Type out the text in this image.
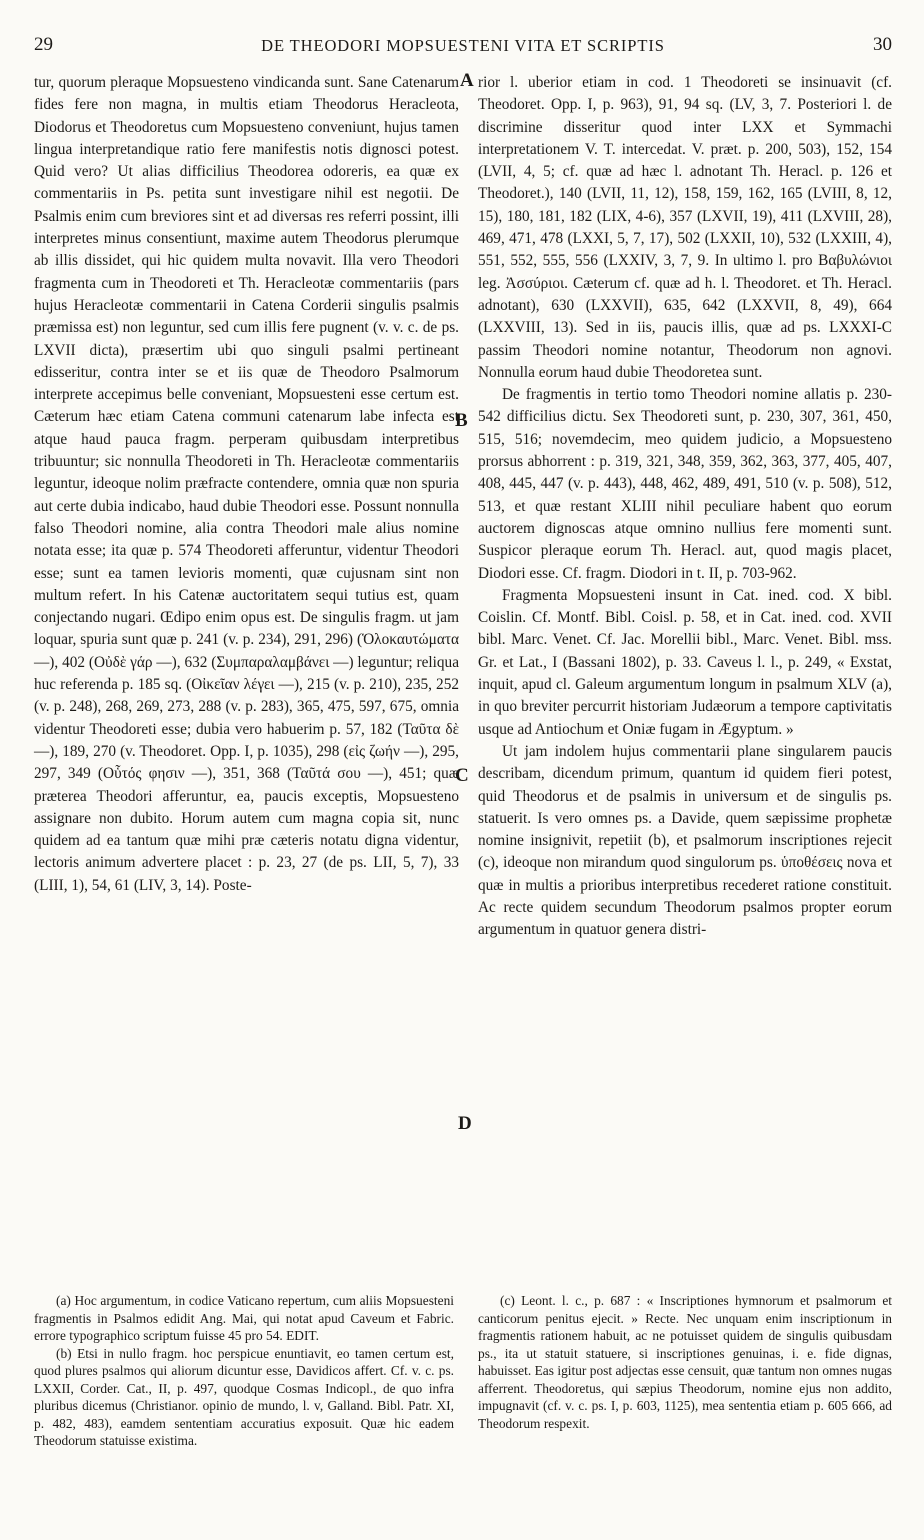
29	DE THEODORI MOPSUESTENI VITA ET SCRIPTIS	30

tur, quorum pleraque Mopsuesteno vindicanda sunt. Sane Catenarum fides fere non magna, in multis etiam Theodorus Heracleota, Diodorus et Theodoretus cum Mopsuesteno conveniunt, hujus tamen lingua interpretandique ratio fere manifestis notis dignosci potest. Quid vero? Ut alias difficilius Theodorea odoreris, ea quæ ex commentariis in Ps. petita sunt investigare nihil est negotii. De Psalmis enim cum breviores sint et ad diversas res referri possint, illi interpretes minus consentiunt, maxime autem Theodorus plerumque ab illis dissidet, qui hic quidem multa novavit. Illa vero Theodori fragmenta cum in Theodoreti et Th. Heracleotæ commentariis (pars hujus Heracleotæ commentarii in Catena Corderii singulis psalmis præmissa est) non leguntur, sed cum illis fere pugnent (v. v. c. de ps. LXVII dicta), præsertim ubi quo singuli psalmi pertineant edisseritur, contra inter se et iis quæ de Theodoro Psalmorum interprete accepimus belle conveniant, Mopsuesteni esse certum est. Cæterum hæc etiam Catena communi catenarum labe infecta est atque haud pauca fragm. perperam quibusdam interpretibus tribuuntur; sic nonnulla Theodoreti in Th. Heracleotæ commentariis leguntur, ideoque nolim præfracte contendere, omnia quæ non spuria aut certe dubia indicabo, haud dubie Theodori esse. Possunt nonnulla falso Theodori nomine, alia contra Theodori male alius nomine notata esse; ita quæ p. 574 Theodoreti afferuntur, videntur Theodori esse; sunt ea tamen levioris momenti, quæ cujusnam sint non multum refert. In his Catenæ auctoritatem sequi tutius est, quam conjectando nugari. Œdipo enim opus est. De singulis fragm. ut jam loquar, spuria sunt quæ p. 241 (v. p. 234), 291, 296) (Ὁλοκαυτώματα —), 402 (Οὐδὲ γάρ —), 632 (Συμπαραλαμβάνει —) leguntur; reliqua huc referenda p. 185 sq. (Οἰκεῖαν λέγει —), 215 (v. p. 210), 235, 252 (v. p. 248), 268, 269, 273, 288 (v. p. 283), 365, 475, 597, 675, omnia videntur Theodoreti esse; dubia vero habuerim p. 57, 182 (Ταῦτα δὲ —), 189, 270 (v. Theodoret. Opp. I, p. 1035), 298 (εἰς ζωήν —), 295, 297, 349 (Οὗτός φησιν —), 351, 368 (Ταῦτά σου —), 451; quæ præterea Theodori afferuntur, ea, paucis exceptis, Mopsuesteno assignare non dubito. Horum autem cum magna copia sit, nunc quidem ad ea tantum quæ mihi præ cæteris notatu digna videntur, lectoris animum advertere placet : p. 23, 27 (de ps. LII, 5, 7), 33 (LIII, 1), 54, 61 (LIV, 3, 14). Poste-

rior l. uberior etiam in cod. 1 Theodoreti se insinuavit (cf. Theodoret. Opp. I, p. 963), 91, 94 sq. (LV, 3, 7. Posteriori l. de discrimine disseritur quod inter LXX et Symmachi interpretationem V. T. intercedat. V. præt. p. 200, 503), 152, 154 (LVII, 4, 5; cf. quæ ad hæc l. adnotant Th. Heracl. p. 126 et Theodoret.), 140 (LVII, 11, 12), 158, 159, 162, 165 (LVIII, 8, 12, 15), 180, 181, 182 (LIX, 4-6), 357 (LXVII, 19), 411 (LXVIII, 28), 469, 471, 478 (LXXI, 5, 7, 17), 502 (LXXII, 10), 532 (LXXIII, 4), 551, 552, 555, 556 (LXXIV, 3, 7, 9. In ultimo l. pro Βαβυλώνιοι leg. Ἀσσύριοι. Cæterum cf. quæ ad h. l. Theodoret. et Th. Heracl. adnotant), 630 (LXXVII), 635, 642 (LXXVII, 8, 49), 664 (LXXVIII, 13). Sed in iis, paucis illis, quæ ad ps. LXXXI-C passim Theodori nomine notantur, Theodorum non agnovi. Nonnulla eorum haud dubie Theodoretea sunt.

De fragmentis in tertio tomo Theodori nomine allatis p. 230-542 difficilius dictu. Sex Theodoreti sunt, p. 230, 307, 361, 450, 515, 516; novemdecim, meo quidem judicio, a Mopsuesteno prorsus abhorrent : p. 319, 321, 348, 359, 362, 363, 377, 405, 407, 408, 445, 447 (v. p. 443), 448, 462, 489, 491, 510 (v. p. 508), 512, 513, et quæ restant XLIII nihil peculiare habent quo eorum auctorem dignoscas atque omnino nullius fere momenti sunt. Suspicor pleraque eorum Th. Heracl. aut, quod magis placet, Diodori esse. Cf. fragm. Diodori in t. II, p. 703-962.

Fragmenta Mopsuesteni insunt in Cat. ined. cod. X bibl. Coislin. Cf. Montf. Bibl. Coisl. p. 58, et in Cat. ined. cod. XVII bibl. Marc. Venet. Cf. Jac. Morellii bibl., Marc. Venet. Bibl. mss. Gr. et Lat., I (Bassani 1802), p. 33. Caveus l. l., p. 249, « Exstat, inquit, apud cl. Galeum argumentum longum in psalmum XLV (a), in quo breviter percurrit historiam Judæorum a tempore captivitatis usque ad Antiochum et Oniæ fugam in Ægyptum. »

Ut jam indolem hujus commentarii plane singularem paucis describam, dicendum primum, quantum id quidem fieri potest, quid Theodorus et de psalmis in universum et de singulis ps. statuerit. Is vero omnes ps. a Davide, quem sæpissime prophetæ nomine insignivit, repetiit (b), et psalmorum inscriptiones rejecit (c), ideoque non mirandum quod singulorum ps. ὑποθέσεις nova et quæ in multis a prioribus interpretibus recederet ratione constituit. Ac recte quidem secundum Theodorum psalmos propter eorum argumentum in quatuor genera distri-

A
B
C
D

(a) Hoc argumentum, in codice Vaticano repertum, cum aliis Mopsuesteni fragmentis in Psalmos edidit Ang. Mai, qui notat apud Caveum et Fabric. errore typographico scriptum fuisse 45 pro 54. EDIT.

(b) Etsi in nullo fragm. hoc perspicue enuntiavit, eo tamen certum est, quod plures psalmos qui aliorum dicuntur esse, Davidicos affert. Cf. v. c. ps. LXXII, Corder. Cat., II, p. 497, quodque Cosmas Indicopl., de quo infra pluribus dicemus (Christianor. opinio de mundo, l. v, Galland. Bibl. Patr. XI, p. 482, 483), eamdem sententiam accuratius exposuit. Quæ hic eadem Theodorum statuisse existima.

(c) Leont. l. c., p. 687 : « Inscriptiones hymnorum et psalmorum et canticorum penitus ejecit. » Recte. Nec unquam enim inscriptionum in fragmentis rationem habuit, ac ne potuisset quidem de singulis quibusdam ps., ita ut statuit statuere, si inscriptiones genuinas, i. e. fide dignas, habuisset. Eas igitur post adjectas esse censuit, quæ tantum non omnes nugas afferrent. Theodoretus, qui sæpius Theodorum, nomine ejus non addito, impugnavit (cf. v. c. ps. I, p. 603, 1125), mea sententia etiam p. 605 666, ad Theodorum respexit.
